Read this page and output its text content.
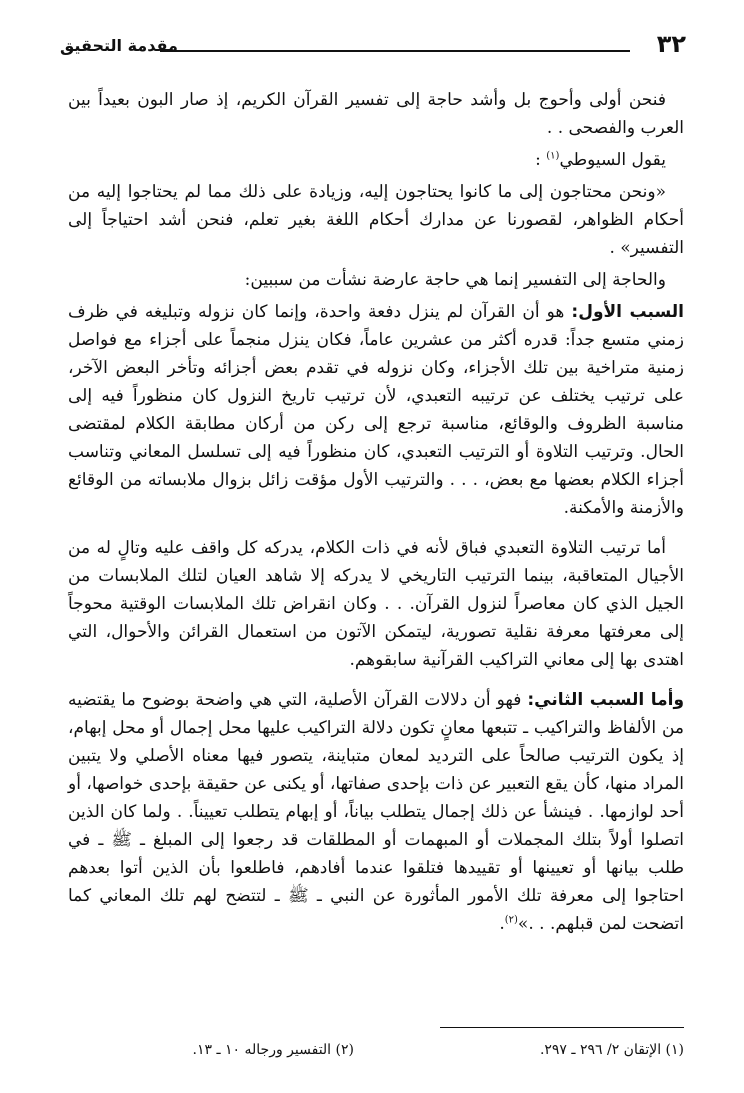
٣٢
مقدمة التحقيق

فنحن أولى وأحوج بل وأشد حاجة إلى تفسير القرآن الكريم، إذ صار البون بعيداً بين العرب والفصحى . .

يقول السيوطي$^{(١)}$ :

«ونحن محتاجون إلى ما كانوا يحتاجون إليه، وزيادة على ذلك مما لم يحتاجوا إليه من أحكام الظواهر، لقصورنا عن مدارك أحكام اللغة بغير تعلم، فنحن أشد احتياجاً إلى التفسير» .

والحاجة إلى التفسير إنما هي حاجة عارضة نشأت من سببين:

السبب الأول: هو أن القرآن لم ينزل دفعة واحدة، وإنما كان نزوله وتبليغه في ظرف زمني متسع جداً: قدره أكثر من عشرين عاماً، فكان ينزل منجماً على أجزاء مع فواصل زمنية متراخية بين تلك الأجزاء، وكان نزوله في تقدم بعض أجزائه وتأخر البعض الآخر، على ترتيب يختلف عن ترتيبه التعبدي، لأن ترتيب تاريخ النزول كان منظوراً فيه إلى مناسبة الظروف والوقائع، مناسبة ترجع إلى ركن من أركان مطابقة الكلام لمقتضى الحال. وترتيب التلاوة أو الترتيب التعبدي، كان منظوراً فيه إلى تسلسل المعاني وتناسب أجزاء الكلام بعضها مع بعض، . . . والترتيب الأول مؤقت زائل بزوال ملابساته من الوقائع والأزمنة والأمكنة.

أما ترتيب التلاوة التعبدي فباق لأنه في ذات الكلام، يدركه كل واقف عليه وتالٍ له من الأجيال المتعاقبة، بينما الترتيب التاريخي لا يدركه إلا شاهد العيان لتلك الملابسات من الجيل الذي كان معاصراً لنزول القرآن. . . وكان انقراض تلك الملابسات الوقتية محوجاً إلى معرفتها معرفة نقلية تصورية، ليتمكن الآتون من استعمال القرائن والأحوال، التي اهتدى بها إلى معاني التراكيب القرآنية سابقوهم.

وأما السبب الثاني: فهو أن دلالات القرآن الأصلية، التي هي واضحة بوضوح ما يقتضيه من الألفاظ والتراكيب ـ تتبعها معانٍ تكون دلالة التراكيب عليها محل إجمال أو محل إبهام، إذ يكون الترتيب صالحاً على الترديد لمعان متباينة، يتصور فيها معناه الأصلي ولا يتبين المراد منها، كأن يقع التعبير عن ذات بإحدى صفاتها، أو يكنى عن حقيقة بإحدى خواصها، أو أحد لوازمها. . فينشأ عن ذلك إجمال يتطلب بياناً، أو إبهام يتطلب تعييناً. . ولما كان الذين اتصلوا أولاً بتلك المجملات أو المبهمات أو المطلقات قد رجعوا إلى المبلغ ـ ﷺ ـ في طلب بيانها أو تعيينها أو تقييدها فتلقوا عندما أفادهم، فاطلعوا بأن الذين أتوا بعدهم احتاجوا إلى معرفة تلك الأمور المأثورة عن النبي ـ ﷺ ـ لتتضح لهم تلك المعاني كما اتضحت لمن قبلهم. . .»$^{(٢)}$.

(١) الإتقان ٢/ ٢٩٦ ـ ٢٩٧.
(٢) التفسير ورجاله ١٠ ـ ١٣.
